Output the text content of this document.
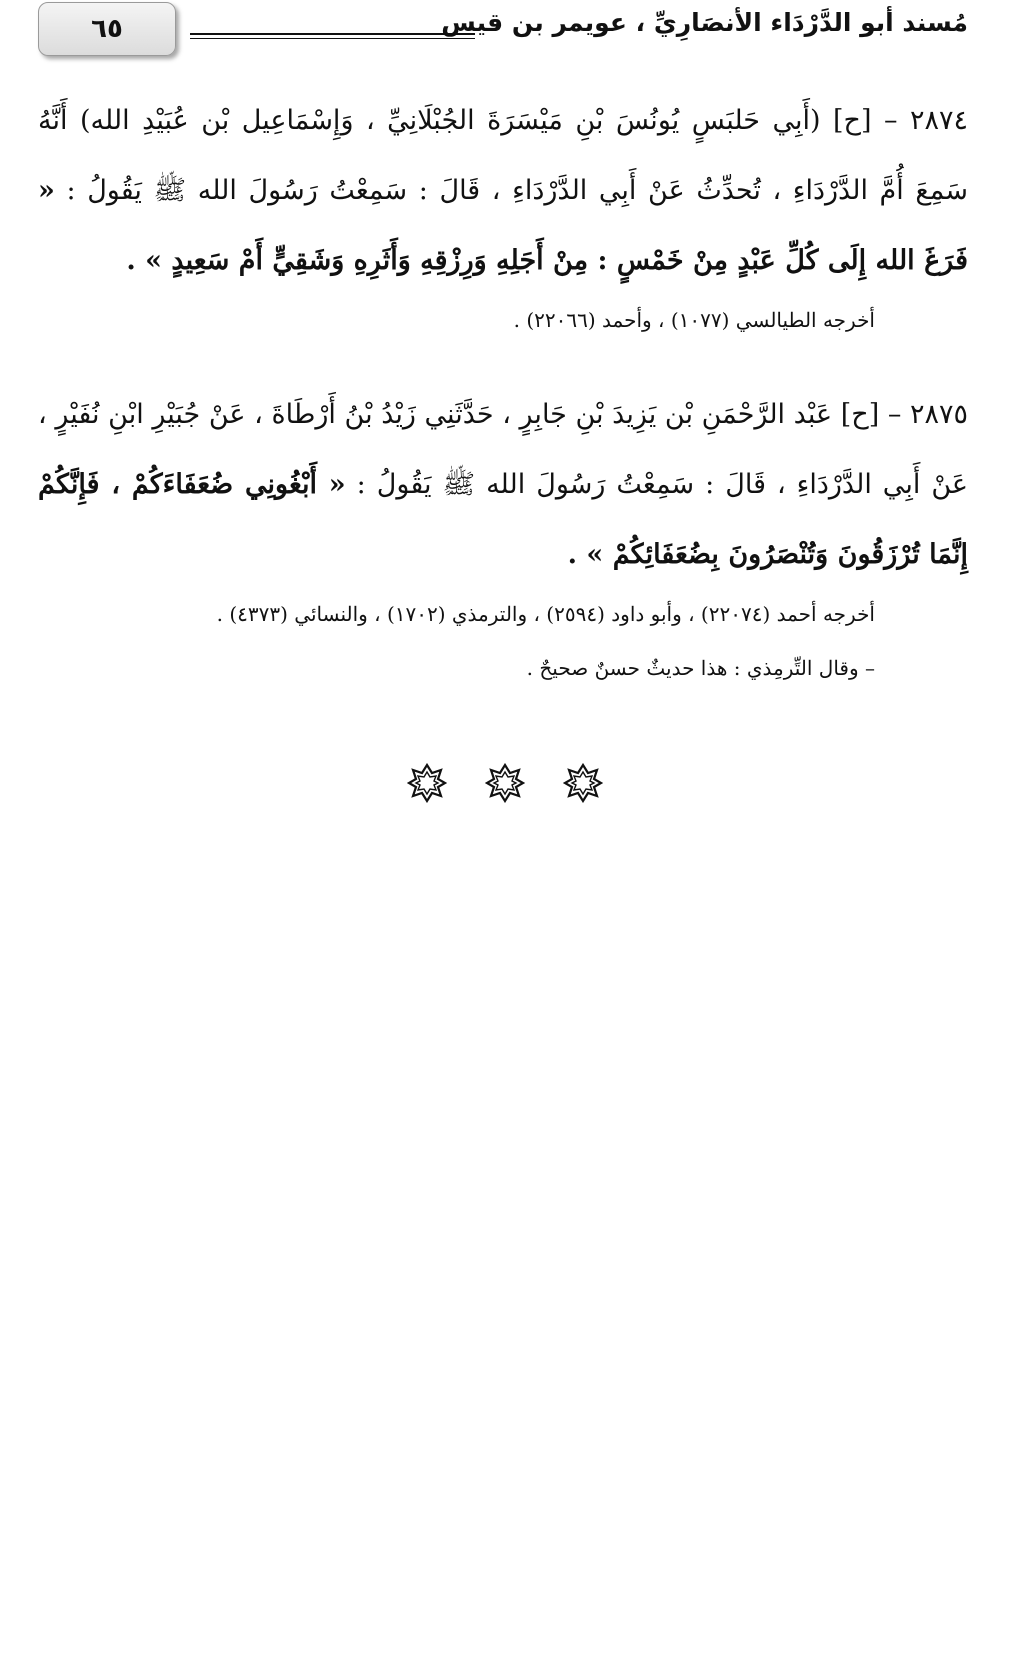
٦٥	مُسند أبو الدَّرْدَاء الأنصَارِيِّ ، عويمر بن قيس
٢٨٧٤ – [ح] (أَبِي حَلبَسٍ يُونُسَ بْنِ مَيْسَرَةَ الجُبْلَانِيِّ ، وَإِسْمَاعِيل بْن عُبَيْدِ الله) أَنَّهُ سَمِعَ أُمَّ الدَّرْدَاءِ ، تُحدِّثُ عَنْ أَبِي الدَّرْدَاءِ ، قَالَ : سَمِعْتُ رَسُولَ الله ﷺ يَقُولُ : « فَرَغَ الله إِلَى كُلِّ عَبْدٍ مِنْ خَمْسٍ : مِنْ أَجَلِهِ وَرِزْقِهِ وَأَثَرِهِ وَشَقِيٍّ أَمْ سَعِيدٍ » .
أخرجه الطيالسي (١٠٧٧) ، وأحمد (٢٢٠٦٦) .
٢٨٧٥ – [ح] عَبْد الرَّحْمَنِ بْن يَزِيدَ بْنِ جَابِرٍ ، حَدَّثَنِي زَيْدُ بْنُ أَرْطَاةَ ، عَنْ جُبَيْرِ ابْنِ نُفَيْرٍ ، عَنْ أَبِي الدَّرْدَاءِ ، قَالَ : سَمِعْتُ رَسُولَ الله ﷺ يَقُولُ : « أَبْغُونِي ضُعَفَاءَكُمْ ، فَإِنَّكُمْ إِنَّمَا تُرْزَقُونَ وَتُنْصَرُونَ بِضُعَفَائِكُمْ » .
أخرجه أحمد (٢٢٠٧٤) ، وأبو داود (٢٥٩٤) ، والترمذي (١٧٠٢) ، والنسائي (٤٣٧٣) .
– وقال التِّرمِذي : هذا حديثٌ حسنٌ صحيحٌ .
